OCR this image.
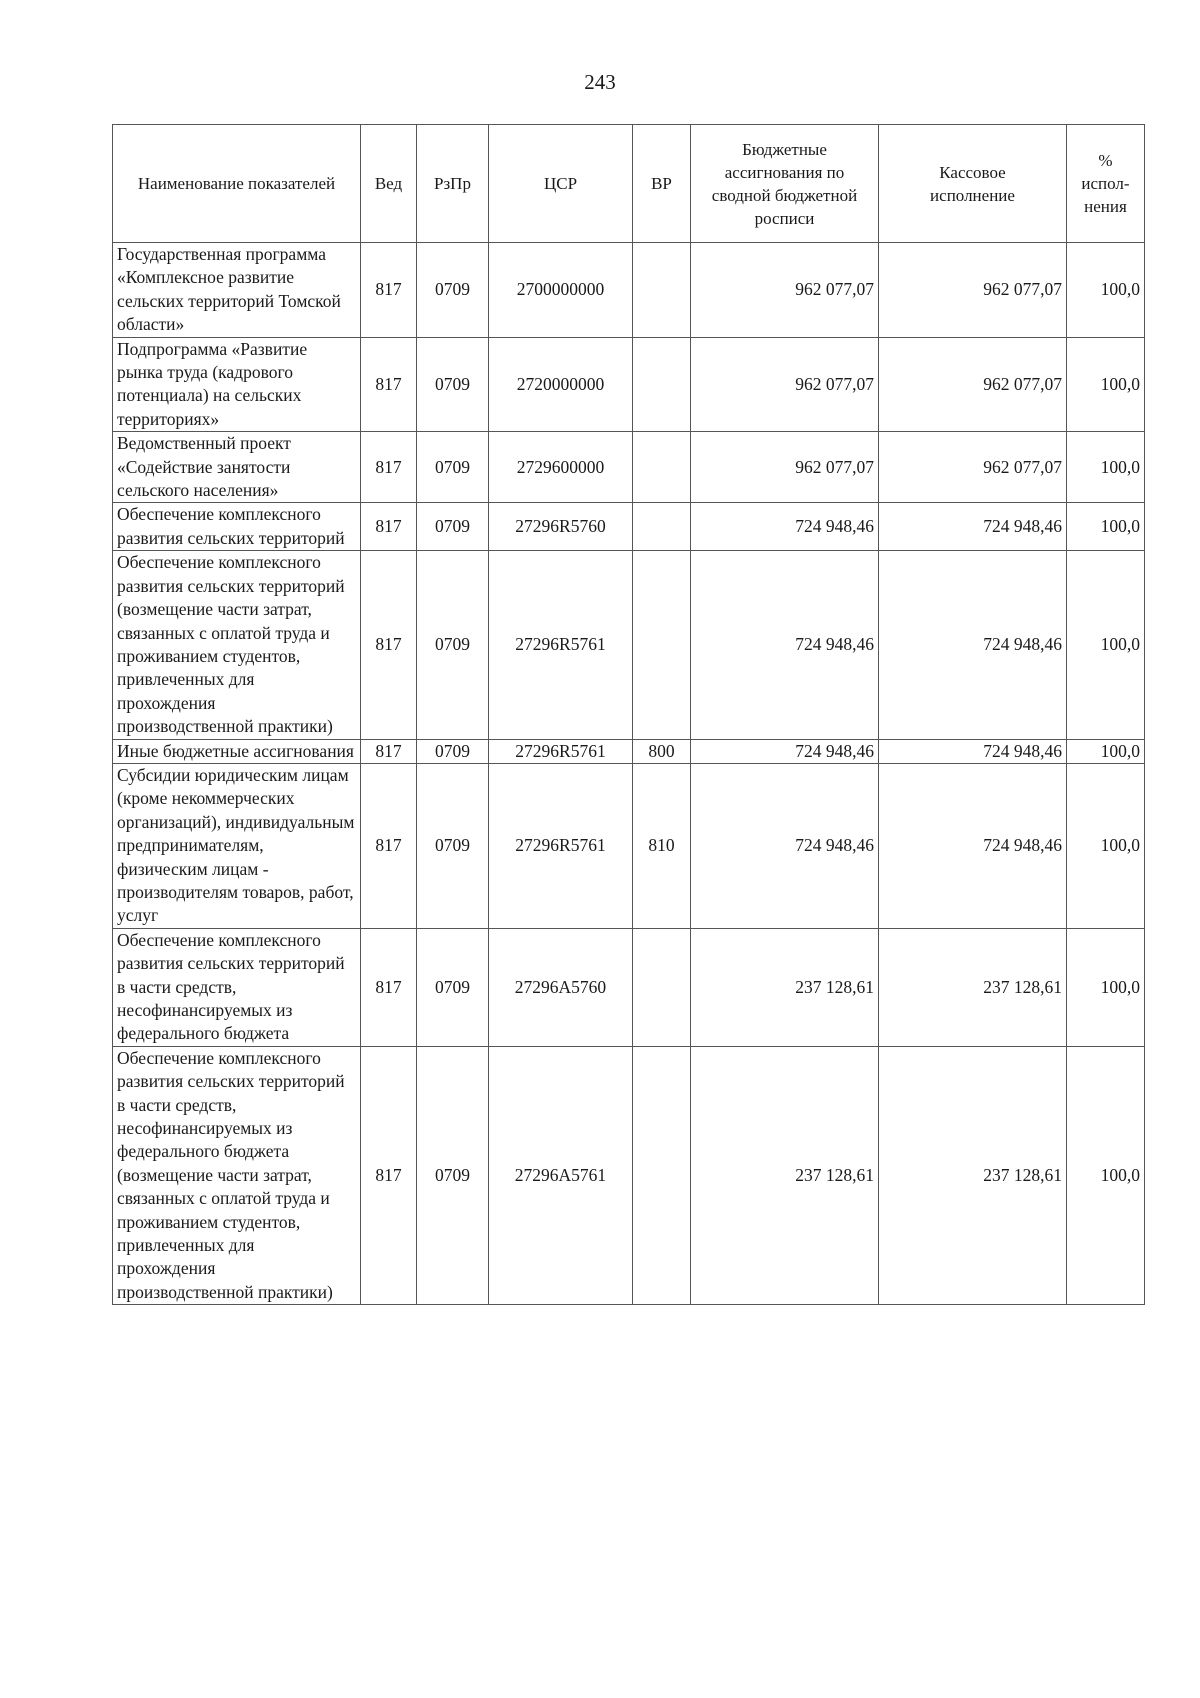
243
Наименование показателей	Вед	РзПр	ЦСР	ВР	Бюджетные ассигнования по сводной бюджетной росписи	Кассовое исполнение	% испол-нения
Государственная программа «Комплексное развитие сельских территорий Томской области»	817	0709	2700000000		962 077,07	962 077,07	100,0
Подпрограмма «Развитие рынка труда (кадрового потенциала) на сельских территориях»	817	0709	2720000000		962 077,07	962 077,07	100,0
Ведомственный проект «Содействие занятости сельского населения»	817	0709	2729600000		962 077,07	962 077,07	100,0
Обеспечение комплексного развития сельских территорий	817	0709	27296R5760		724 948,46	724 948,46	100,0
Обеспечение комплексного развития сельских территорий (возмещение части затрат, связанных с оплатой труда и проживанием студентов, привлеченных для прохождения производственной практики)	817	0709	27296R5761		724 948,46	724 948,46	100,0
Иные бюджетные ассигнования	817	0709	27296R5761	800	724 948,46	724 948,46	100,0
Субсидии юридическим лицам (кроме некоммерческих организаций), индивидуальным предпринимателям, физическим лицам - производителям товаров, работ, услуг	817	0709	27296R5761	810	724 948,46	724 948,46	100,0
Обеспечение комплексного развития сельских территорий в части средств, несофинансируемых из федерального бюджета	817	0709	27296A5760		237 128,61	237 128,61	100,0
Обеспечение комплексного развития сельских территорий в части средств, несофинансируемых из федерального бюджета (возмещение части затрат, связанных с оплатой труда и проживанием студентов, привлеченных для прохождения производственной практики)	817	0709	27296A5761		237 128,61	237 128,61	100,0
